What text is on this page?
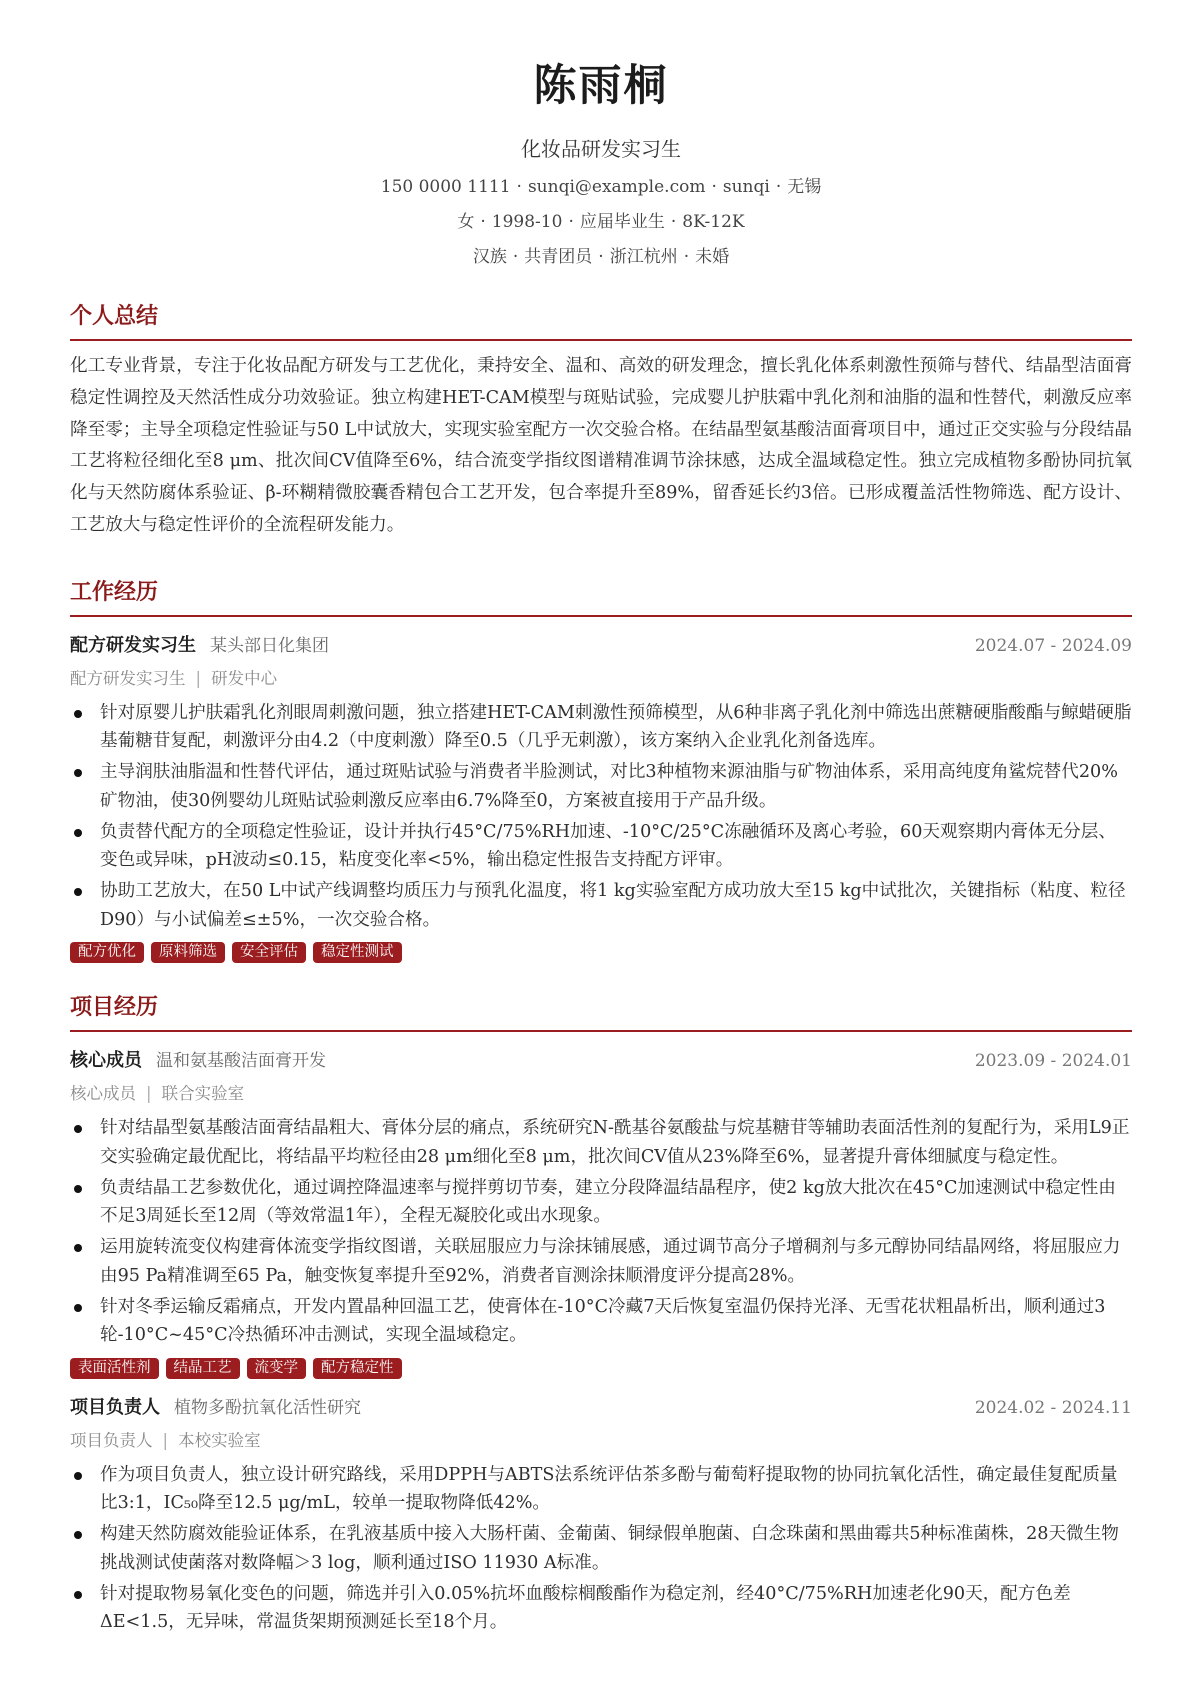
陈雨桐
化妆品研发实习生
150 0000 1111 · sunqi@example.com · sunqi · 无锡
女 · 1998-10 · 应届毕业生 · 8K-12K
汉族 · 共青团员 · 浙江杭州 · 未婚
个人总结
化工专业背景，专注于化妆品配方研发与工艺优化，秉持安全、温和、高效的研发理念，擅长乳化体系刺激性预筛与替代、结晶型洁面膏稳定性调控及天然活性成分功效验证。独立构建HET-CAM模型与斑贴试验，完成婴儿护肤霜中乳化剂和油脂的温和性替代，刺激反应率降至零；主导全项稳定性验证与50 L中试放大，实现实验室配方一次交验合格。在结晶型氨基酸洁面膏项目中，通过正交实验与分段结晶工艺将粒径细化至8 μm、批次间CV值降至6%，结合流变学指纹图谱精准调节涂抹感，达成全温域稳定性。独立完成植物多酚协同抗氧化与天然防腐体系验证、β-环糊精微胶囊香精包合工艺开发，包合率提升至89%，留香延长约3倍。已形成覆盖活性物筛选、配方设计、工艺放大与稳定性评价的全流程研发能力。
工作经历
配方研发实习生 某头部日化集团	2024.07 - 2024.09
配方研发实习生 | 研发中心
针对原婴儿护肤霜乳化剂眼周刺激问题，独立搭建HET-CAM刺激性预筛模型，从6种非离子乳化剂中筛选出蔗糖硬脂酸酯与鲸蜡硬脂基葡糖苷复配，刺激评分由4.2（中度刺激）降至0.5（几乎无刺激），该方案纳入企业乳化剂备选库。
主导润肤油脂温和性替代评估，通过斑贴试验与消费者半脸测试，对比3种植物来源油脂与矿物油体系，采用高纯度角鲨烷替代20%矿物油，使30例婴幼儿斑贴试验刺激反应率由6.7%降至0，方案被直接用于产品升级。
负责替代配方的全项稳定性验证，设计并执行45°C/75%RH加速、-10°C/25°C冻融循环及离心考验，60天观察期内膏体无分层、变色或异味，pH波动≤0.15，粘度变化率<5%，输出稳定性报告支持配方评审。
协助工艺放大，在50 L中试产线调整均质压力与预乳化温度，将1 kg实验室配方成功放大至15 kg中试批次，关键指标（粘度、粒径D90）与小试偏差≤±5%，一次交验合格。
配方优化	原料筛选	安全评估	稳定性测试
项目经历
核心成员 温和氨基酸洁面膏开发	2023.09 - 2024.01
核心成员 | 联合实验室
针对结晶型氨基酸洁面膏结晶粗大、膏体分层的痛点，系统研究N-酰基谷氨酸盐与烷基糖苷等辅助表面活性剂的复配行为，采用L9正交实验确定最优配比，将结晶平均粒径由28 μm细化至8 μm，批次间CV值从23%降至6%，显著提升膏体细腻度与稳定性。
负责结晶工艺参数优化，通过调控降温速率与搅拌剪切节奏，建立分段降温结晶程序，使2 kg放大批次在45°C加速测试中稳定性由不足3周延长至12周（等效常温1年），全程无凝胶化或出水现象。
运用旋转流变仪构建膏体流变学指纹图谱，关联屈服应力与涂抹铺展感，通过调节高分子增稠剂与多元醇协同结晶网络，将屈服应力由95 Pa精准调至65 Pa，触变恢复率提升至92%，消费者盲测涂抹顺滑度评分提高28%。
针对冬季运输反霜痛点，开发内置晶种回温工艺，使膏体在-10°C冷藏7天后恢复室温仍保持光泽、无雪花状粗晶析出，顺利通过3轮-10°C~45°C冷热循环冲击测试，实现全温域稳定。
表面活性剂	结晶工艺	流变学	配方稳定性
项目负责人 植物多酚抗氧化活性研究	2024.02 - 2024.11
项目负责人 | 本校实验室
作为项目负责人，独立设计研究路线，采用DPPH与ABTS法系统评估茶多酚与葡萄籽提取物的协同抗氧化活性，确定最佳复配质量比3:1，IC₅₀降至12.5 μg/mL，较单一提取物降低42%。
构建天然防腐效能验证体系，在乳液基质中接入大肠杆菌、金葡菌、铜绿假单胞菌、白念珠菌和黑曲霉共5种标准菌株，28天微生物挑战测试使菌落对数降幅＞3 log，顺利通过ISO 11930 A标准。
针对提取物易氧化变色的问题，筛选并引入0.05%抗坏血酸棕榈酸酯作为稳定剂，经40°C/75%RH加速老化90天，配方色差ΔE<1.5，无异味，常温货架期预测延长至18个月。
